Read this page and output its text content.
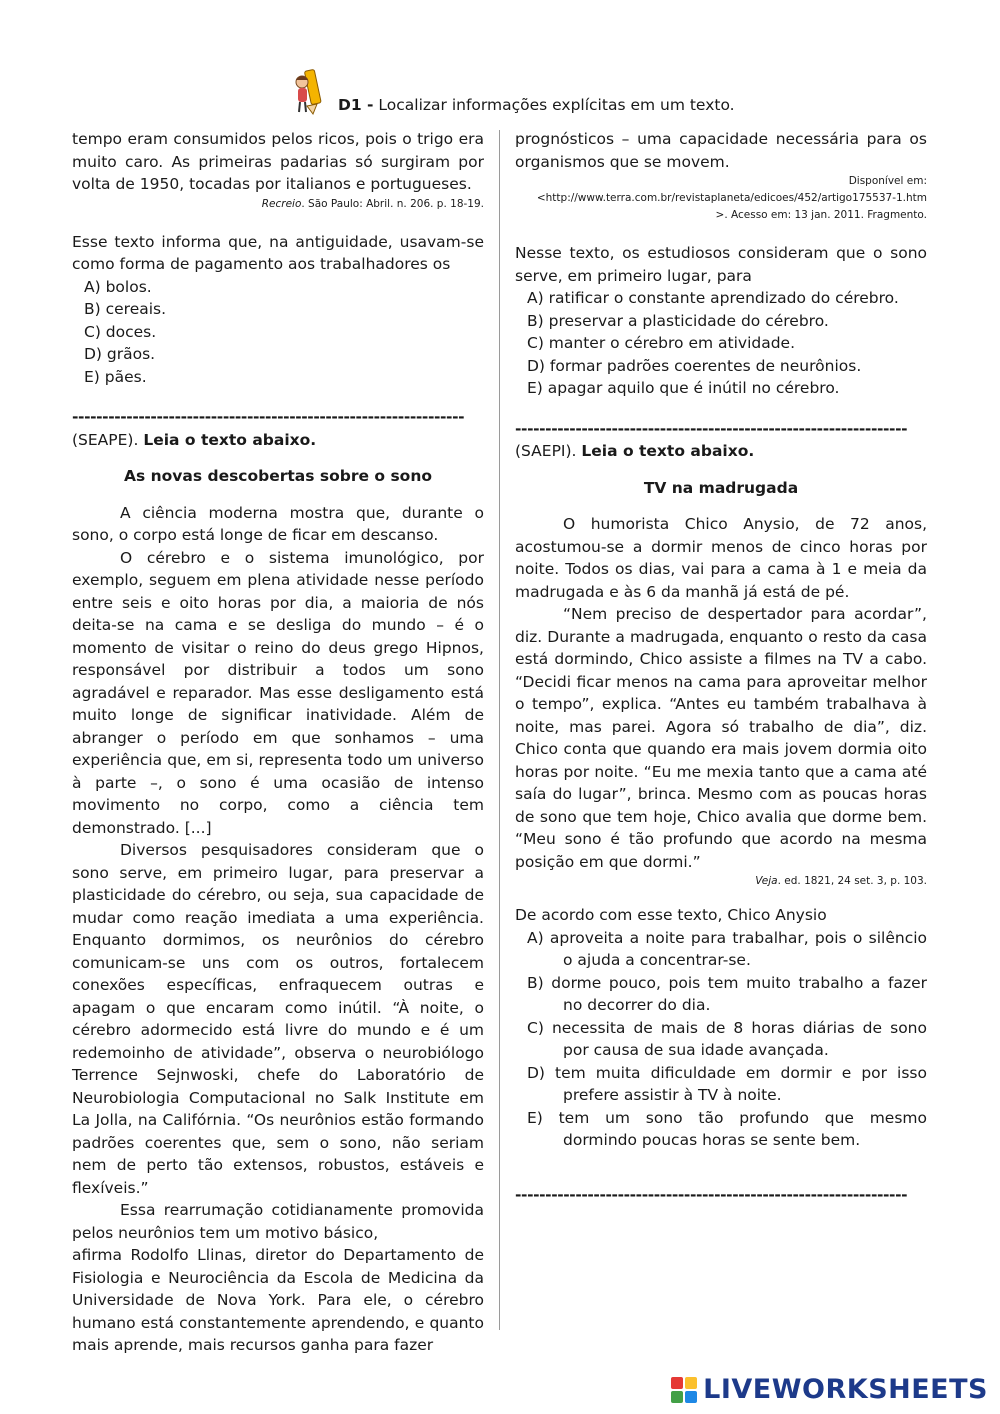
D1 - Localizar informações explícitas em um texto.

tempo eram consumidos pelos ricos, pois o trigo era muito caro. As primeiras padarias só surgiram por volta de 1950, tocadas por italianos e portugueses.

Recreio. São Paulo: Abril. n. 206. p. 18-19.

Esse texto informa que, na antiguidade, usavam-se como forma de pagamento aos trabalhadores os

A) bolos.
B) cereais.
C) doces.
D) grãos.
E) pães.

-----------------------------------------------------------------

(SEAPE). Leia o texto abaixo.

As novas descobertas sobre o sono

A ciência moderna mostra que, durante o sono, o corpo está longe de ficar em descanso.

O cérebro e o sistema imunológico, por exemplo, seguem em plena atividade nesse período entre seis e oito horas por dia, a maioria de nós deita-se na cama e se desliga do mundo – é o momento de visitar o reino do deus grego Hipnos, responsável por distribuir a todos um sono agradável e reparador. Mas esse desligamento está muito longe de significar inatividade. Além de abranger o período em que sonhamos – uma experiência que, em si, representa todo um universo à parte –, o sono é uma ocasião de intenso movimento no corpo, como a ciência tem demonstrado. [...]

Diversos pesquisadores consideram que o sono serve, em primeiro lugar, para preservar a plasticidade do cérebro, ou seja, sua capacidade de mudar como reação imediata a uma experiência. Enquanto dormimos, os neurônios do cérebro comunicam-se uns com os outros, fortalecem conexões específicas, enfraquecem outras e apagam o que encaram como inútil. “À noite, o cérebro adormecido está livre do mundo e é um redemoinho de atividade”, observa o neurobiólogo Terrence Sejnwoski, chefe do Laboratório de Neurobiologia Computacional no Salk Institute em La Jolla, na Califórnia. “Os neurônios estão formando padrões coerentes que, sem o sono, não seriam nem de perto tão extensos, robustos, estáveis e flexíveis.”

Essa rearrumação cotidianamente promovida pelos neurônios tem um motivo básico,

afirma Rodolfo Llinas, diretor do Departamento de Fisiologia e Neurociência da Escola de Medicina da Universidade de Nova York. Para ele, o cérebro humano está constantemente aprendendo, e quanto mais aprende, mais recursos ganha para fazer

prognósticos – uma capacidade necessária para os organismos que se movem.

Disponível em:

<http://www.terra.com.br/revistaplaneta/edicoes/452/artigo175537-1.htm

>. Acesso em: 13 jan. 2011. Fragmento.

Nesse texto, os estudiosos consideram que o sono serve, em primeiro lugar, para

A) ratificar o constante aprendizado do cérebro.
B) preservar a plasticidade do cérebro.
C) manter o cérebro em atividade.
D) formar padrões coerentes de neurônios.
E) apagar aquilo que é inútil no cérebro.

-----------------------------------------------------------------

(SAEPI). Leia o texto abaixo.

TV na madrugada

O humorista Chico Anysio, de 72 anos, acostumou-se a dormir menos de cinco horas por noite. Todos os dias, vai para a cama à 1 e meia da madrugada e às 6 da manhã já está de pé.

“Nem preciso de despertador para acordar”, diz. Durante a madrugada, enquanto o resto da casa está dormindo, Chico assiste a filmes na TV a cabo. “Decidi ficar menos na cama para aproveitar melhor o tempo”, explica. “Antes eu também trabalhava à noite, mas parei. Agora só trabalho de dia”, diz. Chico conta que quando era mais jovem dormia oito horas por noite. “Eu me mexia tanto que a cama até saía do lugar”, brinca. Mesmo com as poucas horas de sono que tem hoje, Chico avalia que dorme bem. “Meu sono é tão profundo que acordo na mesma posição em que dormi.”

Veja. ed. 1821, 24 set. 3, p. 103.

De acordo com esse texto, Chico Anysio

A) aproveita a noite para trabalhar, pois o silêncio o ajuda a concentrar-se.
B) dorme pouco, pois tem muito trabalho a fazer no decorrer do dia.
C) necessita de mais de 8 horas diárias de sono por causa de sua idade avançada.
D) tem muita dificuldade em dormir e por isso prefere assistir à TV à noite.
E) tem um sono tão profundo que mesmo dormindo poucas horas se sente bem.

-----------------------------------------------------------------

LIVEWORKSHEETS
